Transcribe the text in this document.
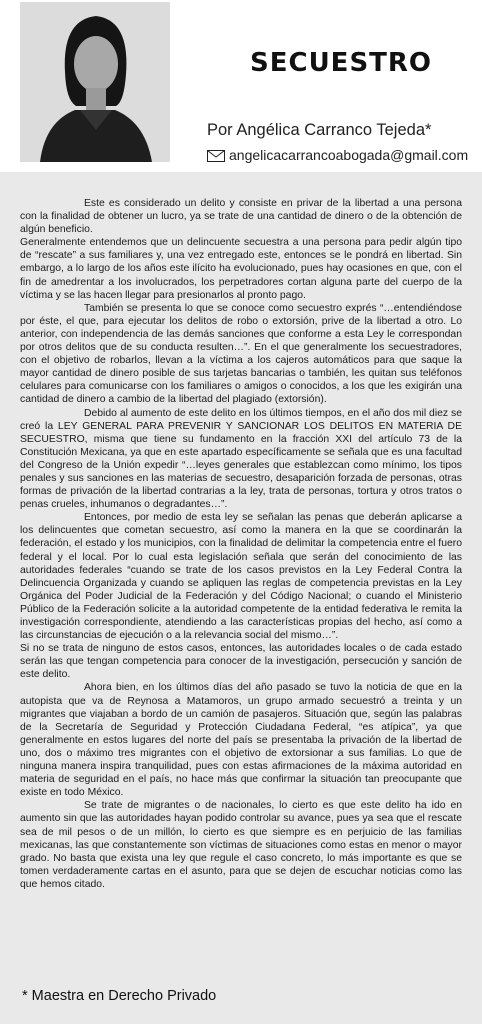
SECUESTRO
Por Angélica Carranco Tejeda*
angelicacarrancoabogada@gmail.com

Este es considerado un delito y consiste en privar de la libertad a una persona con la finalidad de obtener un lucro, ya se trate de una cantidad de dinero o de la obtención de algún beneficio.

Generalmente entendemos que un delincuente secuestra a una persona para pedir algún tipo de “rescate” a sus familiares y, una vez entregado este, entonces se le pondrá en libertad. Sin embargo, a lo largo de los años este ilícito ha evolucionado, pues hay ocasiones en que, con el fin de amedrentar a los involucrados, los perpetradores cortan alguna parte del cuerpo de la víctima y se las hacen llegar para presionarlos al pronto pago.

También se presenta lo que se conoce como secuestro exprés “…entendiéndose por éste, el que, para ejecutar los delitos de robo o extorsión, prive de la libertad a otro. Lo anterior, con independencia de las demás sanciones que conforme a esta Ley le correspondan por otros delitos que de su conducta resulten…”. En el que generalmente los secuestradores, con el objetivo de robarlos, llevan a la víctima a los cajeros automáticos para que saque la mayor cantidad de dinero posible de sus tarjetas bancarias o también, les quitan sus teléfonos celulares para comunicarse con los familiares o amigos o conocidos, a los que les exigirán una cantidad de dinero a cambio de la libertad del plagiado (extorsión).

Debido al aumento de este delito en los últimos tiempos, en el año dos mil diez se creó la LEY GENERAL PARA PREVENIR Y SANCIONAR LOS DELITOS EN MATERIA DE SECUESTRO, misma que tiene su fundamento en la fracción XXI del artículo 73 de la Constitución Mexicana, ya que en este apartado específicamente se señala que es una facultad del Congreso de la Unión expedir “…leyes generales que establezcan como mínimo, los tipos penales y sus sanciones en las materias de secuestro, desaparición forzada de personas, otras formas de privación de la libertad contrarias a la ley, trata de personas, tortura y otros tratos o penas crueles, inhumanos o degradantes…”.

Entonces, por medio de esta ley se señalan las penas que deberán aplicarse a los delincuentes que cometan secuestro, así como la manera en la que se coordinarán la federación, el estado y los municipios, con la finalidad de delimitar la competencia entre el fuero federal y el local. Por lo cual esta legislación señala que serán del conocimiento de las autoridades federales “cuando se trate de los casos previstos en la Ley Federal Contra la Delincuencia Organizada y cuando se apliquen las reglas de competencia previstas en la Ley Orgánica del Poder Judicial de la Federación y del Código Nacional; o cuando el Ministerio Público de la Federación solicite a la autoridad competente de la entidad federativa le remita la investigación correspondiente, atendiendo a las características propias del hecho, así como a las circunstancias de ejecución o a la relevancia social del mismo…”.

Si no se trata de ninguno de estos casos, entonces, las autoridades locales o de cada estado serán las que tengan competencia para conocer de la investigación, persecución y sanción de este delito.

Ahora bien, en los últimos días del año pasado se tuvo la noticia de que en la autopista que va de Reynosa a Matamoros, un grupo armado secuestró a treinta y un migrantes que viajaban a bordo de un camión de pasajeros. Situación que, según las palabras de la Secretaría de Seguridad y Protección Ciudadana Federal, “es atípica”, ya que generalmente en estos lugares del norte del país se presentaba la privación de la libertad de uno, dos o máximo tres migrantes con el objetivo de extorsionar a sus familias. Lo que de ninguna manera inspira tranquilidad, pues con estas afirmaciones de la máxima autoridad en materia de seguridad en el país, no hace más que confirmar la situación tan preocupante que existe en todo México.

Se trate de migrantes o de nacionales, lo cierto es que este delito ha ido en aumento sin que las autoridades hayan podido controlar su avance, pues ya sea que el rescate sea de mil pesos o de un millón, lo cierto es que siempre es en perjuicio de las familias mexicanas, las que constantemente son víctimas de situaciones como estas en menor o mayor grado. No basta que exista una ley que regule el caso concreto, lo más importante es que se tomen verdaderamente cartas en el asunto, para que se dejen de escuchar noticias como las que hemos citado.

* Maestra en Derecho Privado
